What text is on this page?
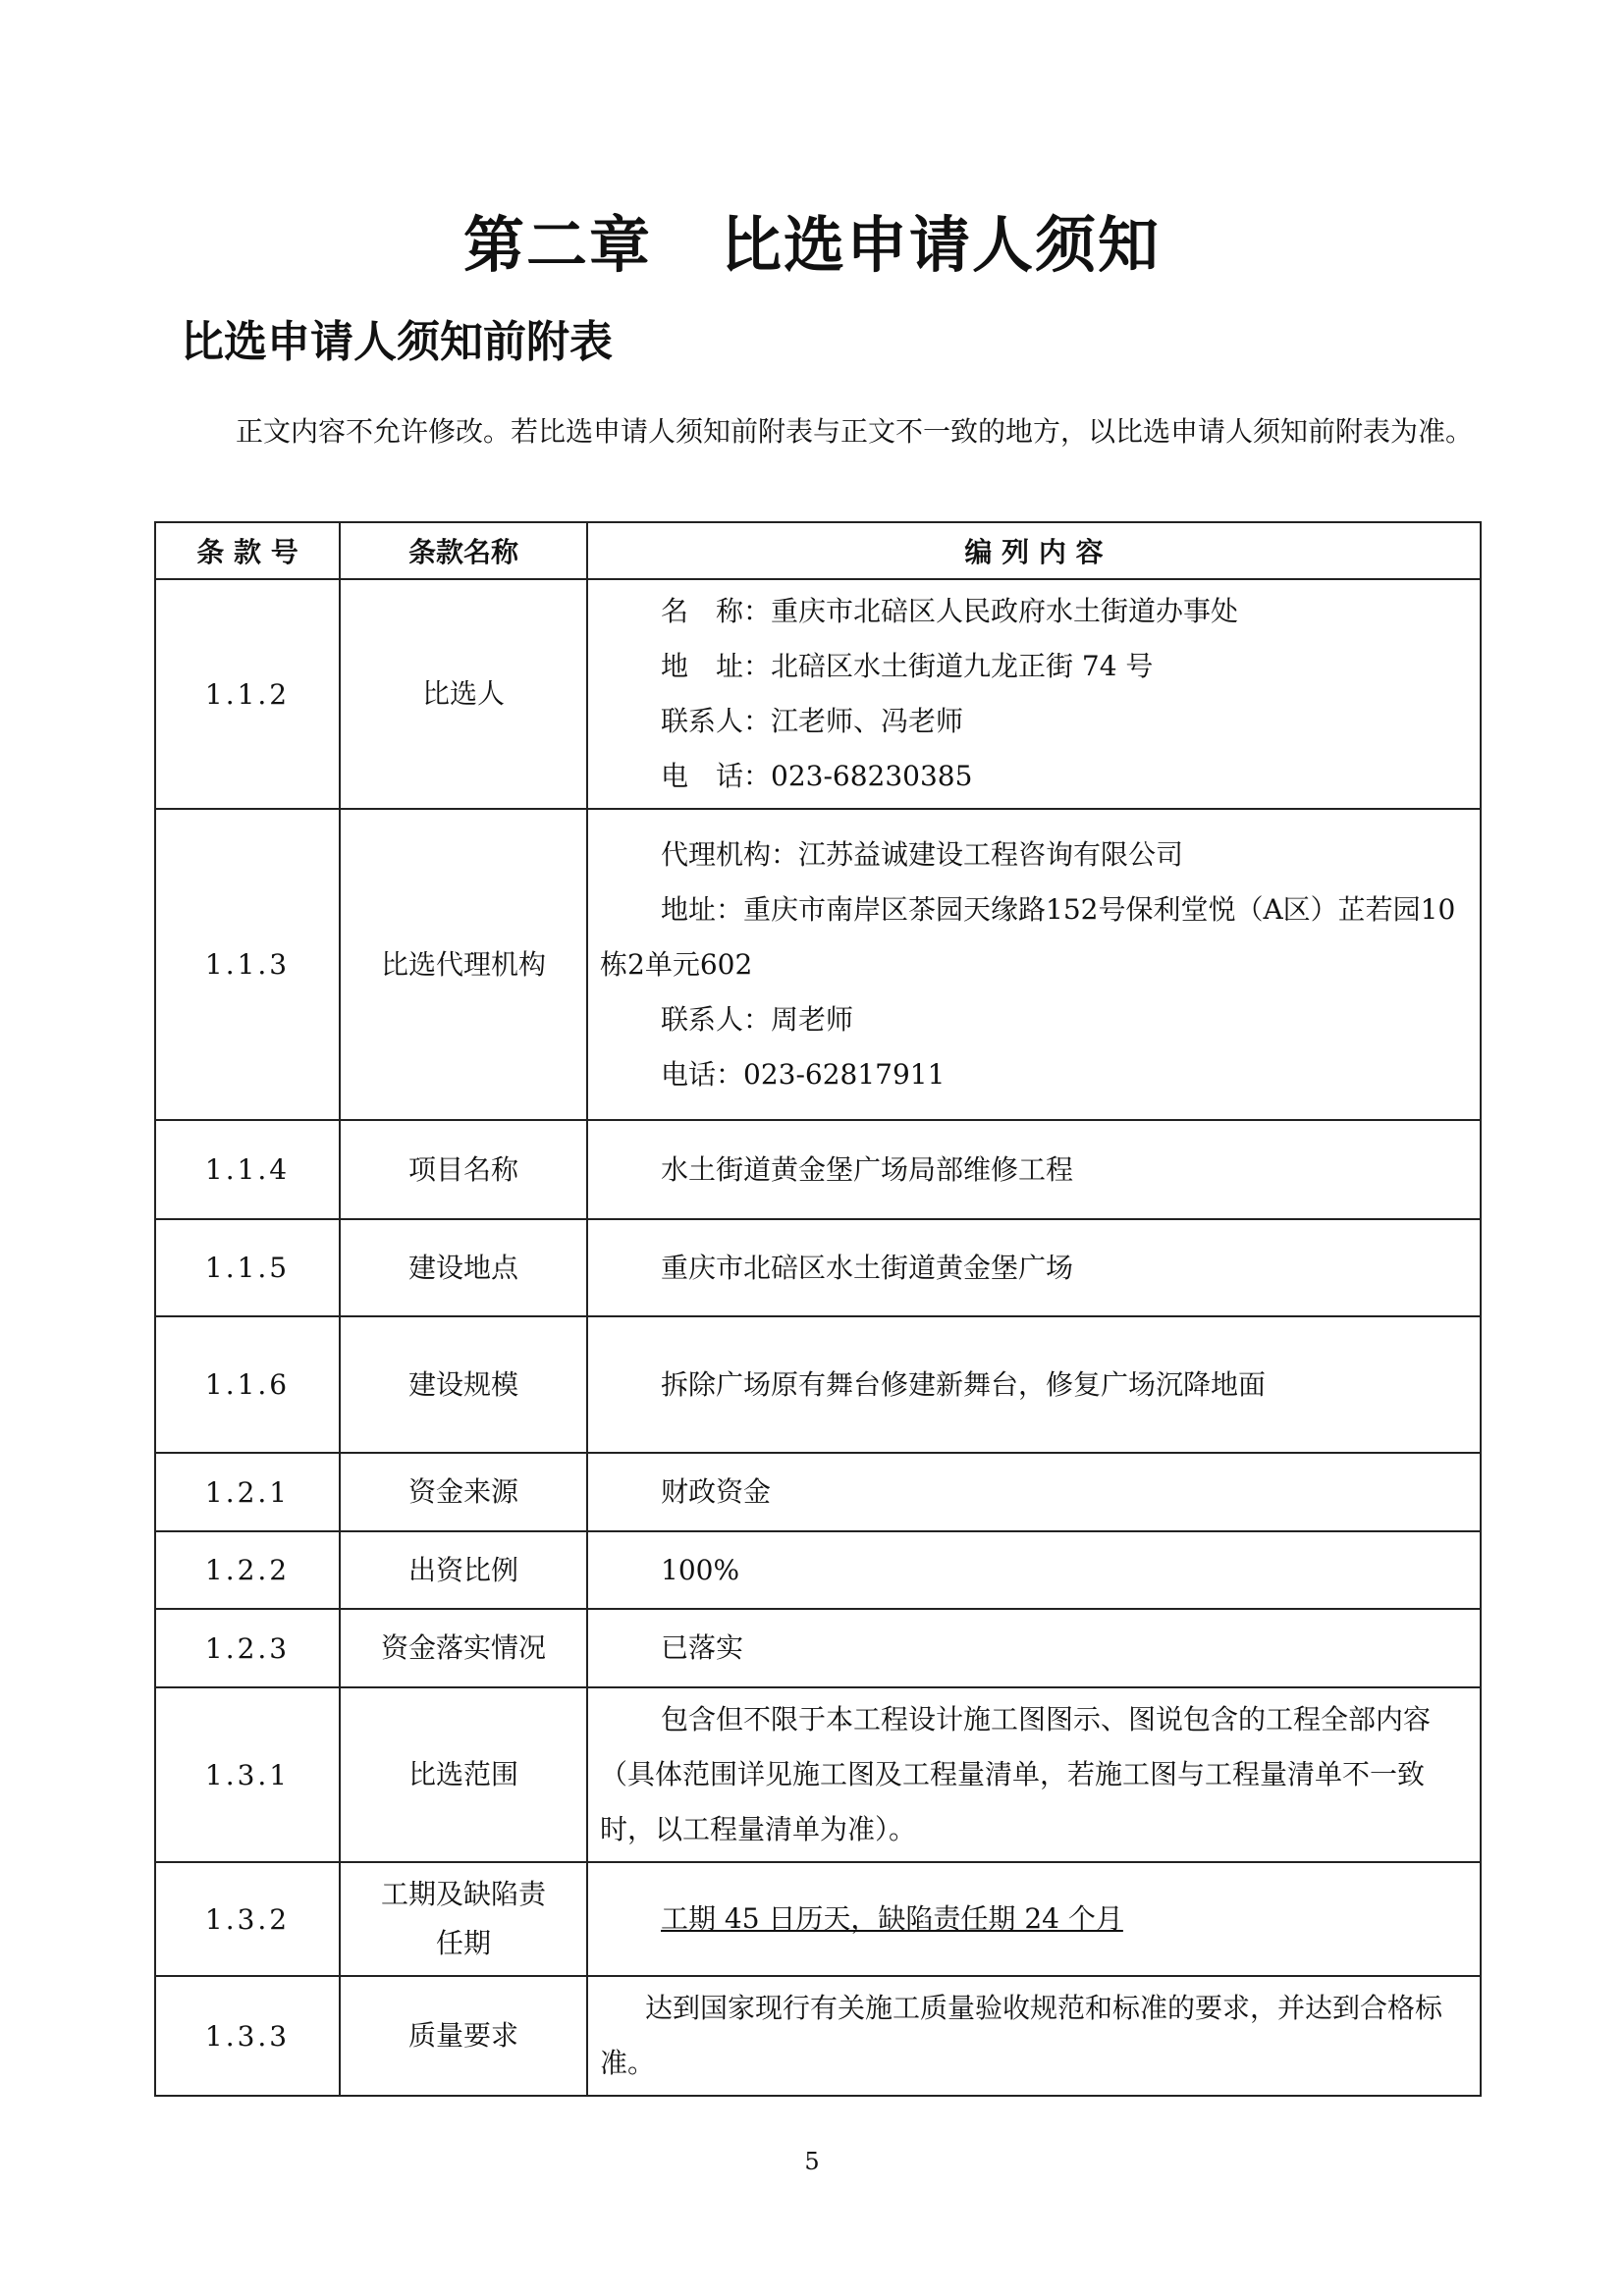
第二章 比选申请人须知
比选申请人须知前附表
正文内容不允许修改。若比选申请人须知前附表与正文不一致的地方，以比选申请人须知前附表为准。
条 款 号	条款名称	编 列 内 容
1.1.2	比选人	名　称：重庆市北碚区人民政府水土街道办事处
地　址：北碚区水土街道九龙正街 74 号
联系人：江老师、冯老师
电　话：023-68230385

1.1.3	比选代理机构	代理机构：江苏益诚建设工程咨询有限公司
地址：重庆市南岸区茶园天缘路152号保利堂悦（A区）芷若园10栋2单元602
联系人：周老师
电话：023-62817911

1.1.4	项目名称	水土街道黄金堡广场局部维修工程

1.1.5	建设地点	重庆市北碚区水土街道黄金堡广场

1.1.6	建设规模	拆除广场原有舞台修建新舞台，修复广场沉降地面

1.2.1	资金来源	财政资金

1.2.2	出资比例	100%

1.2.3	资金落实情况	已落实

1.3.1	比选范围	包含但不限于本工程设计施工图图示、图说包含的工程全部内容（具体范围详见施工图及工程量清单，若施工图与工程量清单不一致时，以工程量清单为准）。

1.3.2	工期及缺陷责任期	工期 45 日历天，缺陷责任期 24 个月

1.3.3	质量要求	达到国家现行有关施工质量验收规范和标准的要求，并达到合格标准。
5
